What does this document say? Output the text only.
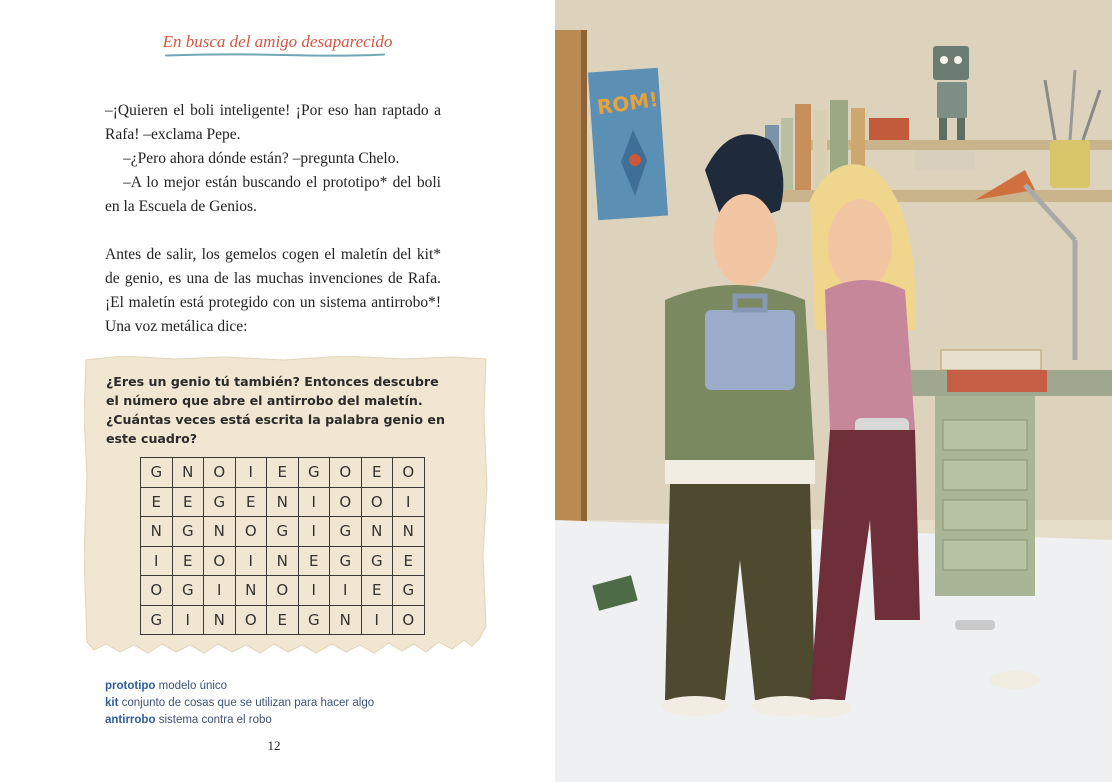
En busca del amigo desaparecido

–¡Quieren el boli inteligente! ¡Por eso han raptado a Rafa! –exclama Pepe.

–¿Pero ahora dónde están? –pregunta Chelo.

–A lo mejor están buscando el prototipo* del boli en la Escuela de Genios.

Antes de salir, los gemelos cogen el maletín del kit* de genio, es una de las muchas invenciones de Rafa. ¡El maletín está protegido con un sistema antirrobo*! Una voz metálica dice:

¿Eres un genio tú también? Entonces descubre el número que abre el antirrobo del maletín. ¿Cuántas veces está escrita la palabra genio en este cuadro?

G	N	O	I	E	G	O	E	O
E	E	G	E	N	I	O	O	I
N	G	N	O	G	I	G	N	N
I	E	O	I	N	E	G	G	E
O	G	I	N	O	I	I	E	G
G	I	N	O	E	G	N	I	O
prototipo modelo único
kit conjunto de cosas que se utilizan para hacer algo
antirrobo sistema contra el robo
12
ROM!
